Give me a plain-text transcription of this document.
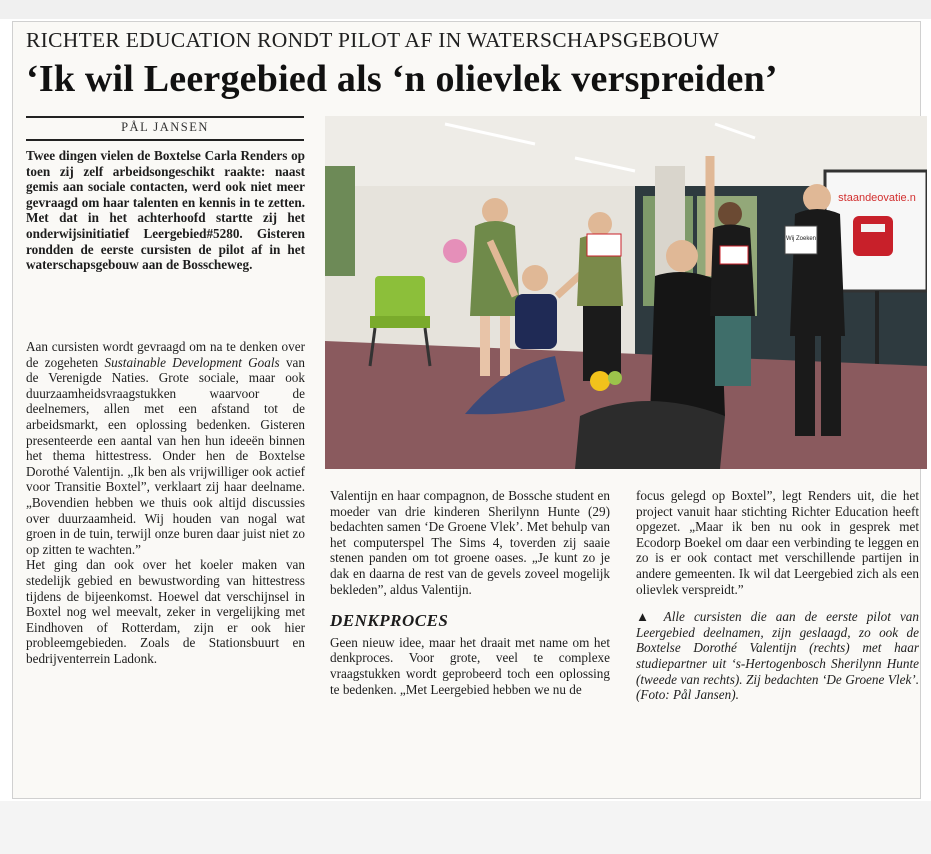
RICHTER EDUCATION RONDT PILOT AF IN WATERSCHAPSGEBOUW
‘Ik wil Leergebied als ‘n olievlek verspreiden’
PÅL JANSEN
Twee dingen vielen de Boxtelse Carla Renders op toen zij zelf arbeidsongeschikt raakte: naast gemis aan sociale contacten, werd ook niet meer gevraagd om haar talenten en kennis in te zetten. Met dat in het achterhoofd startte zij het onderwijsinitiatief Leergebied#5280. Gisteren rondden de eerste cursisten de pilot af in het waterschapsgebouw aan de Bosscheweg.

Aan cursisten wordt gevraagd om na te denken over de zogeheten Sustainable Development Goals van de Verenigde Naties. Grote sociale, maar ook duurzaamheidsvraagstukken waarvoor de deelnemers, allen met een afstand tot de arbeidsmarkt, een oplossing bedenken. Gisteren presenteerde een aantal van hen hun ideeën binnen het thema hittestress. Onder hen de Boxtelse Dorothé Valentijn. „Ik ben als vrijwilliger ook actief voor Transitie Boxtel”, verklaart zij haar deelname. „Bovendien hebben we thuis ook altijd discussies over duurzaamheid. Wij houden van nogal wat groen in de tuin, terwijl onze buren daar juist niet zo op zitten te wachten.”

Het ging dan ook over het koeler maken van stedelijk gebied en bewustwording van hittestress tijdens de bijeenkomst. Hoewel dat verschijnsel in Boxtel nog wel meevalt, zeker in vergelijking met Eindhoven of Rotterdam, zijn er ook hier probleemgebieden. Zoals de Stationsbuurt en bedrijventerrein Ladonk.

staandeovatie.n
Wij Zoeken

Valentijn en haar compagnon, de Bossche student en moeder van drie kinderen Sherilynn Hunte (29) bedachten samen ‘De Groene Vlek’. Met behulp van het computerspel The Sims 4, toverden zij saaie stenen panden om tot groene oases. „Je kunt zo je dak en daarna de rest van de gevels zoveel mogelijk bekleden”, aldus Valentijn.

DENKPROCES

Geen nieuw idee, maar het draait met name om het denkproces. Voor grote, veel te complexe vraagstukken wordt geprobeerd toch een oplossing te bedenken. „Met Leergebied hebben we nu de

focus gelegd op Boxtel”, legt Renders uit, die het project vanuit haar stichting Richter Education heeft opgezet. „Maar ik ben nu ook in gesprek met Ecodorp Boekel om daar een verbinding te leggen en zo is er ook contact met verschillende partijen in andere gemeenten. Ik wil dat Leergebied zich als een olievlek verspreidt.”

▲ Alle cursisten die aan de eerste pilot van Leergebied deelnamen, zijn geslaagd, zo ook de Boxtelse Dorothé Valentijn (rechts) met haar studiepartner uit ‘s-Hertogenbosch Sherilynn Hunte (tweede van rechts). Zij bedachten ‘De Groene Vlek’. (Foto: Pål Jansen).
